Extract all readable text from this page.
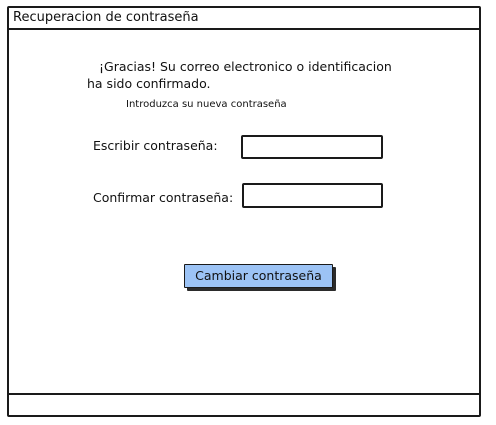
Recuperacion de contraseña
¡Gracias! Su correo electronico o identificacion
ha sido confirmado.
Introduzca su nueva contraseña
Escribir contraseña:
Confirmar contraseña:
Cambiar contraseña
